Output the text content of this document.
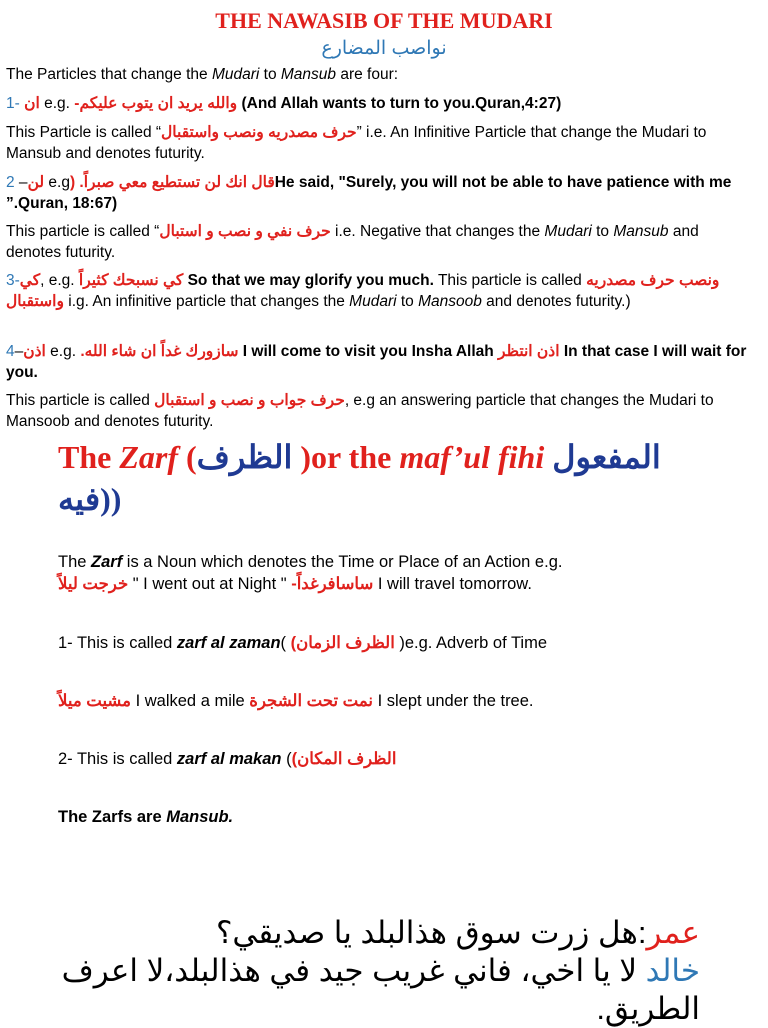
THE NAWASIB OF THE MUDARI
نواصب المضارع
The Particles that change the Mudari to Mansub are four:
1- ان e.g. والله يريد ان يتوب عليكم- (And Allah wants to turn to you.Quran,4:27)
This Particle is called “حرف مصدريه ونصب واستقبال” i.e. An Infinitive Particle that change the Mudari to Mansub and denotes futurity.
2 –لن e.gقال انك لن تستطيع معي صبراً. (He said, "Surely, you will not be able to have patience with me ”.Quran, 18:67)
This particle is called “حرف نفي و نصب و استبال i.e. Negative that changes the Mudari to Mansub and denotes futurity.
3-كي, e.g. كي نسبحك كثيراً So that we may glorify you much. This particle is called حرف مصدريه ونصب واستقبال i.g. An infinitive particle that changes the Mudari to Mansoob and denotes futurity.)
4–اذن e.g. سازورك غداً ان شاء الله. I will come to visit you Insha Allah اذن انتظر In that case I will wait for you.
This particle is called حرف جواب و نصب و استقبال, e.g an answering particle that changes the Mudari to Mansoob and denotes futurity.
The Zarf (الظرف )or the maf’ul fihi المفعول
فيه))
The Zarf is a Noun which denotes the Time or Place of an Action e.g.
خرجت ليلاً " I went out at Night " ساسافرغداً- I will travel tomorrow.
1- This is called zarf al zaman( الظرف الزمان) )e.g. Adverb of Time
مشيت ميلاً I walked a mile نمت تحت الشجرة I slept under the tree.
2- This is called zarf al makan (الظرف المكان)
The Zarfs are Mansub.
عمر:هل زرت سوق هذالبلد يا صديقي؟
خالد لا يا اخي، فاني غريب جيد في هذالبلد،لا اعرف الطريق.
